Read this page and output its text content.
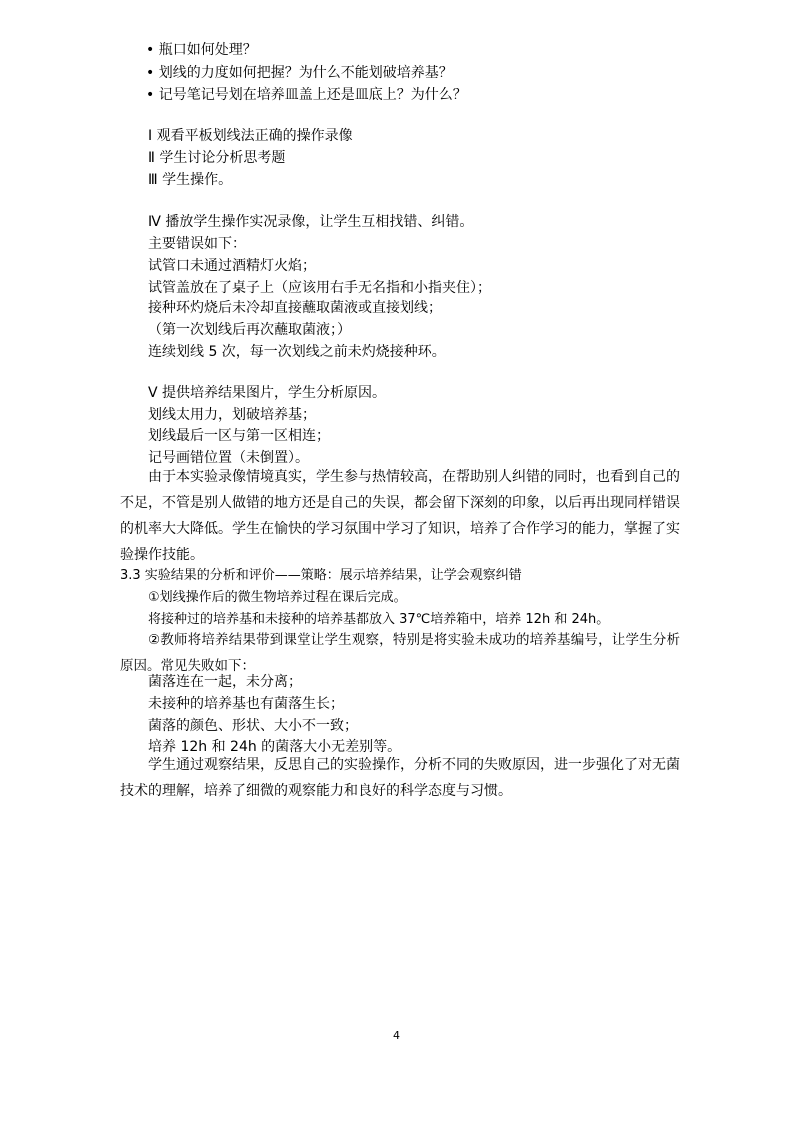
• 瓶口如何处理？
• 划线的力度如何把握？为什么不能划破培养基？
• 记号笔记号划在培养皿盖上还是皿底上？为什么？
Ⅰ 观看平板划线法正确的操作录像
Ⅱ 学生讨论分析思考题
Ⅲ 学生操作。
Ⅳ 播放学生操作实况录像，让学生互相找错、纠错。
主要错误如下：
试管口未通过酒精灯火焰；
试管盖放在了桌子上（应该用右手无名指和小指夹住）；
接种环灼烧后未冷却直接蘸取菌液或直接划线；
（第一次划线后再次蘸取菌液；）
连续划线 5 次，每一次划线之前未灼烧接种环。
Ⅴ 提供培养结果图片，学生分析原因。
划线太用力，划破培养基；
划线最后一区与第一区相连；
记号画错位置（未倒置）。
由于本实验录像情境真实，学生参与热情较高，在帮助别人纠错的同时，也看到自己的不足，不管是别人做错的地方还是自己的失误，都会留下深刻的印象，以后再出现同样错误的机率大大降低。学生在愉快的学习氛围中学习了知识，培养了合作学习的能力，掌握了实验操作技能。
3.3 实验结果的分析和评价——策略：展示培养结果，让学会观察纠错
①划线操作后的微生物培养过程在课后完成。
将接种过的培养基和未接种的培养基都放入 37℃培养箱中，培养 12h 和 24h。
②教师将培养结果带到课堂让学生观察，特别是将实验未成功的培养基编号，让学生分析原因。常见失败如下：
菌落连在一起，未分离；
未接种的培养基也有菌落生长；
菌落的颜色、形状、大小不一致；
培养 12h 和 24h 的菌落大小无差别等。
学生通过观察结果，反思自己的实验操作，分析不同的失败原因，进一步强化了对无菌技术的理解，培养了细微的观察能力和良好的科学态度与习惯。
4
